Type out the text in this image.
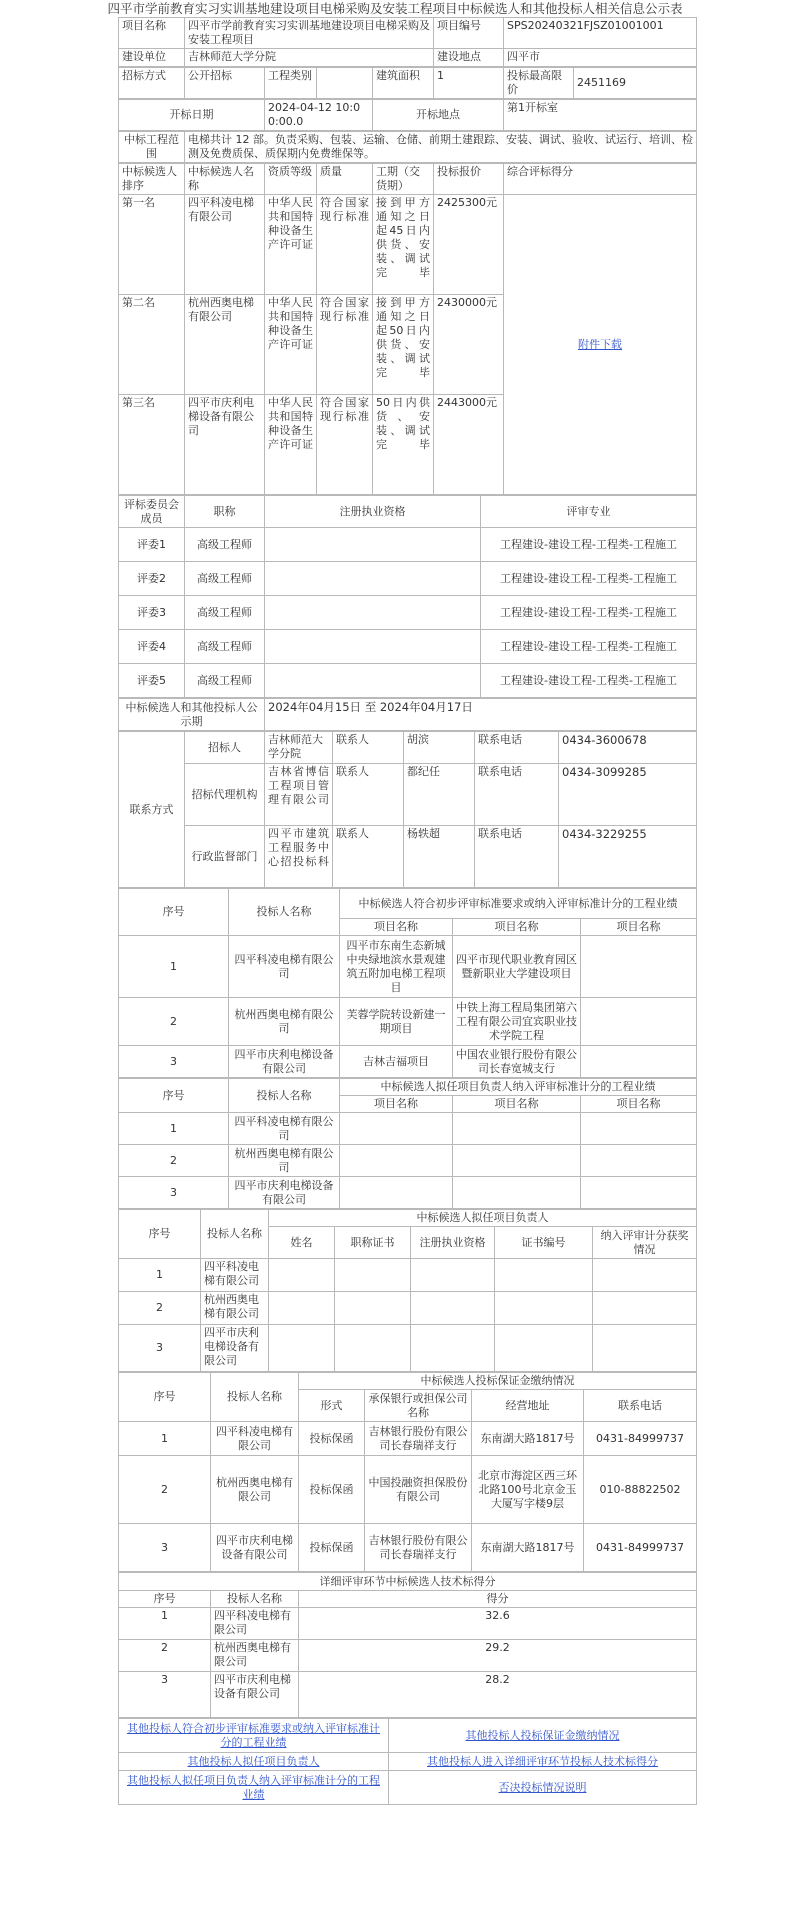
四平市学前教育实习实训基地建设项目电梯采购及安装工程项目中标候选人和其他投标人相关信息公示表
项目名称	四平市学前教育实习实训基地建设项目电梯采购及安装工程项目	项目编号	SPS20240321FJSZ01001001
建设单位	吉林师范大学分院	建设地点	四平市
招标方式	公开招标	工程类别		建筑面积	1	投标最高限价	2451169
开标日期	2024-04-12 10:00:00.0	开标地点	第1开标室
中标工程范围	电梯共计 12 部。负责采购、包装、运输、仓储、前期土建跟踪、安装、调试、验收、试运行、培训、检测及免费质保、质保期内免费维保等。
中标候选人排序	中标候选人名称	资质等级	质量	工期（交货期）	投标报价	综合评标得分
第一名	四平科凌电梯有限公司	中华人民共和国特种设备生产许可证	符合国家现行标准	接到甲方通知之日起45日内供货、安装、调试完毕	2425300元	附件下载
第二名	杭州西奥电梯有限公司	中华人民共和国特种设备生产许可证	符合国家现行标准	接到甲方通知之日起50日内供货、安装、调试完毕	2430000元	
第三名	四平市庆利电梯设备有限公司	中华人民共和国特种设备生产许可证	符合国家现行标准	50日内供货、安装、调试完毕	2443000元	
评标委员会成员	职称	注册执业资格	评审专业
评委1	高级工程师		工程建设-建设工程-工程类-工程施工
评委2	高级工程师		工程建设-建设工程-工程类-工程施工
评委3	高级工程师		工程建设-建设工程-工程类-工程施工
评委4	高级工程师		工程建设-建设工程-工程类-工程施工
评委5	高级工程师		工程建设-建设工程-工程类-工程施工
中标候选人和其他投标人公示期	2024年04月15日 至 2024年04月17日
联系方式	招标人	吉林师范大学分院	联系人	胡滨	联系电话	0434-3600678
	招标代理机构	吉林省博信工程项目管理有限公司	联系人	都纪任	联系电话	0434-3099285
	行政监督部门	四平市建筑工程服务中心招投标科	联系人	杨轶超	联系电话	0434-3229255
序号	投标人名称	中标候选人符合初步评审标准要求或纳入评审标准计分的工程业绩		
		项目名称	项目名称	项目名称
1	四平科凌电梯有限公司	四平市东南生态新城中央绿地滨水景观建筑五附加电梯工程项目	四平市现代职业教育园区暨新职业大学建设项目	
2	杭州西奥电梯有限公司	芙蓉学院转设新建一期项目	中铁上海工程局集团第六工程有限公司宜宾职业技术学院工程	
3	四平市庆利电梯设备有限公司	吉林吉福项目	中国农业银行股份有限公司长春宽城支行	
序号	投标人名称	中标候选人拟任项目负责人纳入评审标准计分的工程业绩		
		项目名称	项目名称	项目名称
1	四平科凌电梯有限公司			
2	杭州西奥电梯有限公司			
3	四平市庆利电梯设备有限公司			
序号	投标人名称	中标候选人拟任项目负责人				
		姓名	职称证书	注册执业资格	证书编号	纳入评审计分获奖情况
1	四平科凌电梯有限公司					
2	杭州西奥电梯有限公司					
3	四平市庆利电梯设备有限公司					
序号	投标人名称	中标候选人投标保证金缴纳情况			
		形式	承保银行或担保公司名称	经营地址	联系电话
1	四平科凌电梯有限公司	投标保函	吉林银行股份有限公司长春瑞祥支行	东南湖大路1817号	0431-84999737
2	杭州西奥电梯有限公司	投标保函	中国投融资担保股份有限公司	北京市海淀区西三环北路100号北京金玉大厦写字楼9层	010-88822502
3	四平市庆利电梯设备有限公司	投标保函	吉林银行股份有限公司长春瑞祥支行	东南湖大路1817号	0431-84999737
详细评审环节中标候选人技术标得分		
序号	投标人名称	得分
1	四平科凌电梯有限公司	32.6
2	杭州西奥电梯有限公司	29.2
3	四平市庆利电梯设备有限公司	28.2
其他投标人符合初步评审标准要求或纳入评审标准计分的工程业绩	其他投标人投标保证金缴纳情况
其他投标人拟任项目负责人	其他投标人进入详细评审环节投标人技术标得分
其他投标人拟任项目负责人纳入评审标准计分的工程业绩	否决投标情况说明
